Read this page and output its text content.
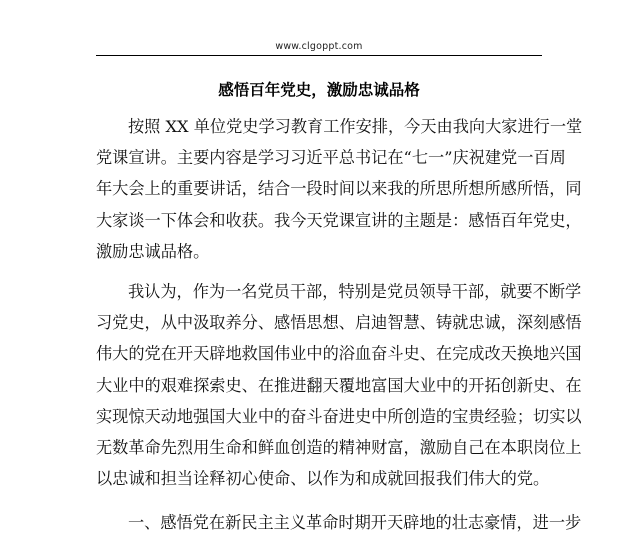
www.clgoppt.com
感悟百年党史，激励忠诚品格
按照 XX 单位党史学习教育工作安排，今天由我向大家进行一堂
党课宣讲。主要内容是学习习近平总书记在“七一”庆祝建党一百周
年大会上的重要讲话，结合一段时间以来我的所思所想所感所悟，同
大家谈一下体会和收获。我今天党课宣讲的主题是：感悟百年党史，
激励忠诚品格。
我认为，作为一名党员干部，特别是党员领导干部，就要不断学
习党史，从中汲取养分、感悟思想、启迪智慧、铸就忠诚，深刻感悟
伟大的党在开天辟地救国伟业中的浴血奋斗史、在完成改天换地兴国
大业中的艰难探索史、在推进翻天覆地富国大业中的开拓创新史、在
实现惊天动地强国大业中的奋斗奋进史中所创造的宝贵经验；切实以
无数革命先烈用生命和鲜血创造的精神财富，激励自己在本职岗位上
以忠诚和担当诠释初心使命、以作为和成就回报我们伟大的党。
一、感悟党在新民主主义革命时期开天辟地的壮志豪情，进一步
